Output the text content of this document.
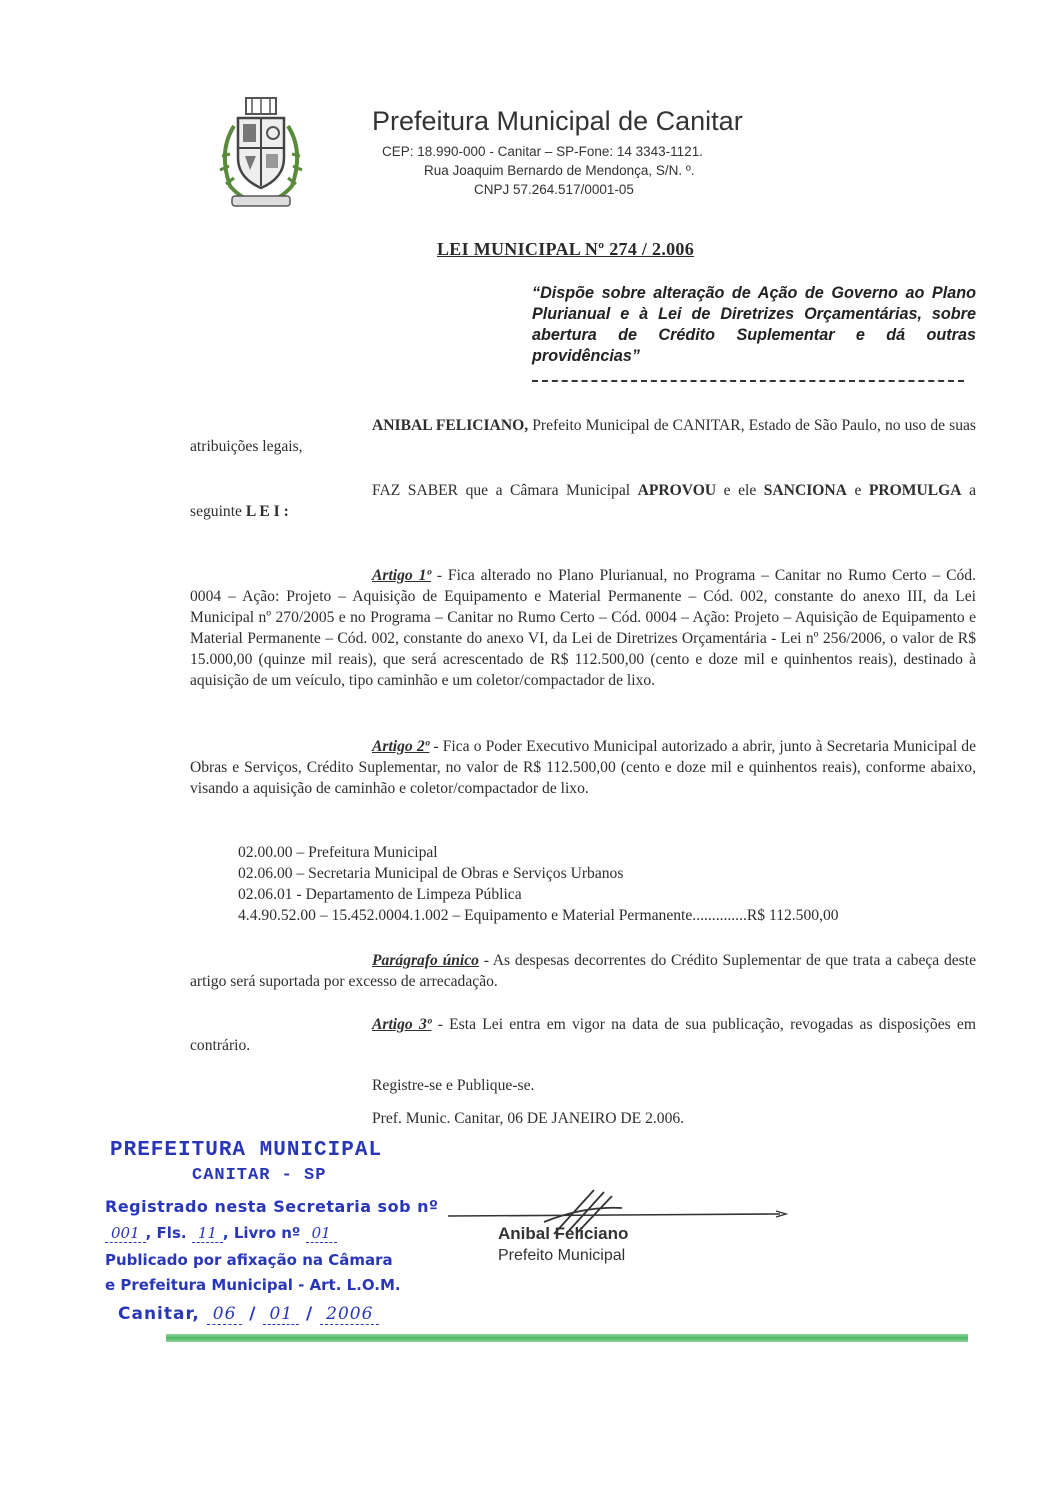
Prefeitura Municipal de Canitar
CEP: 18.990-000 - Canitar – SP-Fone: 14 3343-1121.
Rua Joaquim Bernardo de Mendonça, S/N. º.
CNPJ 57.264.517/0001-05
LEI MUNICIPAL Nº 274 / 2.006
“Dispõe sobre alteração de Ação de Governo ao Plano Plurianual e à Lei de Diretrizes Orçamentárias, sobre abertura de Crédito Suplementar e dá outras providências”
ANIBAL FELICIANO, Prefeito Municipal de CANITAR, Estado de São Paulo, no uso de suas atribuições legais,
FAZ SABER que a Câmara Municipal APROVOU e ele SANCIONA e PROMULGA a seguinte L E I :
Artigo 1º - Fica alterado no Plano Plurianual, no Programa – Canitar no Rumo Certo – Cód. 0004 – Ação: Projeto – Aquisição de Equipamento e Material Permanente – Cód. 002, constante do anexo III, da Lei Municipal nº 270/2005 e no Programa – Canitar no Rumo Certo – Cód. 0004 – Ação: Projeto – Aquisição de Equipamento e Material Permanente – Cód. 002, constante do anexo VI, da Lei de Diretrizes Orçamentária - Lei nº 256/2006, o valor de R$ 15.000,00 (quinze mil reais), que será acrescentado de R$ 112.500,00 (cento e doze mil e quinhentos reais), destinado à aquisição de um veículo, tipo caminhão e um coletor/compactador de lixo.
Artigo 2º - Fica o Poder Executivo Municipal autorizado a abrir, junto à Secretaria Municipal de Obras e Serviços, Crédito Suplementar, no valor de R$ 112.500,00 (cento e doze mil e quinhentos reais), conforme abaixo, visando a aquisição de caminhão e coletor/compactador de lixo.
02.00.00 – Prefeitura Municipal
02.06.00 – Secretaria Municipal de Obras e Serviços Urbanos
02.06.01 - Departamento de Limpeza Pública
4.4.90.52.00 – 15.452.0004.1.002 – Equipamento e Material Permanente..............R$ 112.500,00
Parágrafo único - As despesas decorrentes do Crédito Suplementar de que trata a cabeça deste artigo será suportada por excesso de arrecadação.
Artigo 3º - Esta Lei entra em vigor na data de sua publicação, revogadas as disposições em contrário.
Registre-se e Publique-se.
Pref. Munic. Canitar, 06 DE JANEIRO DE 2.006.
PREFEITURA MUNICIPAL
CANITAR - SP
Registrado nesta Secretaria sob nº
001 , Fls. 11 , Livro nº 01
Publicado por afixação na Câmara
e Prefeitura Municipal - Art. L.O.M.
Canitar, 06 / 01 / 2006
Anibal Feliciano
Prefeito Municipal
